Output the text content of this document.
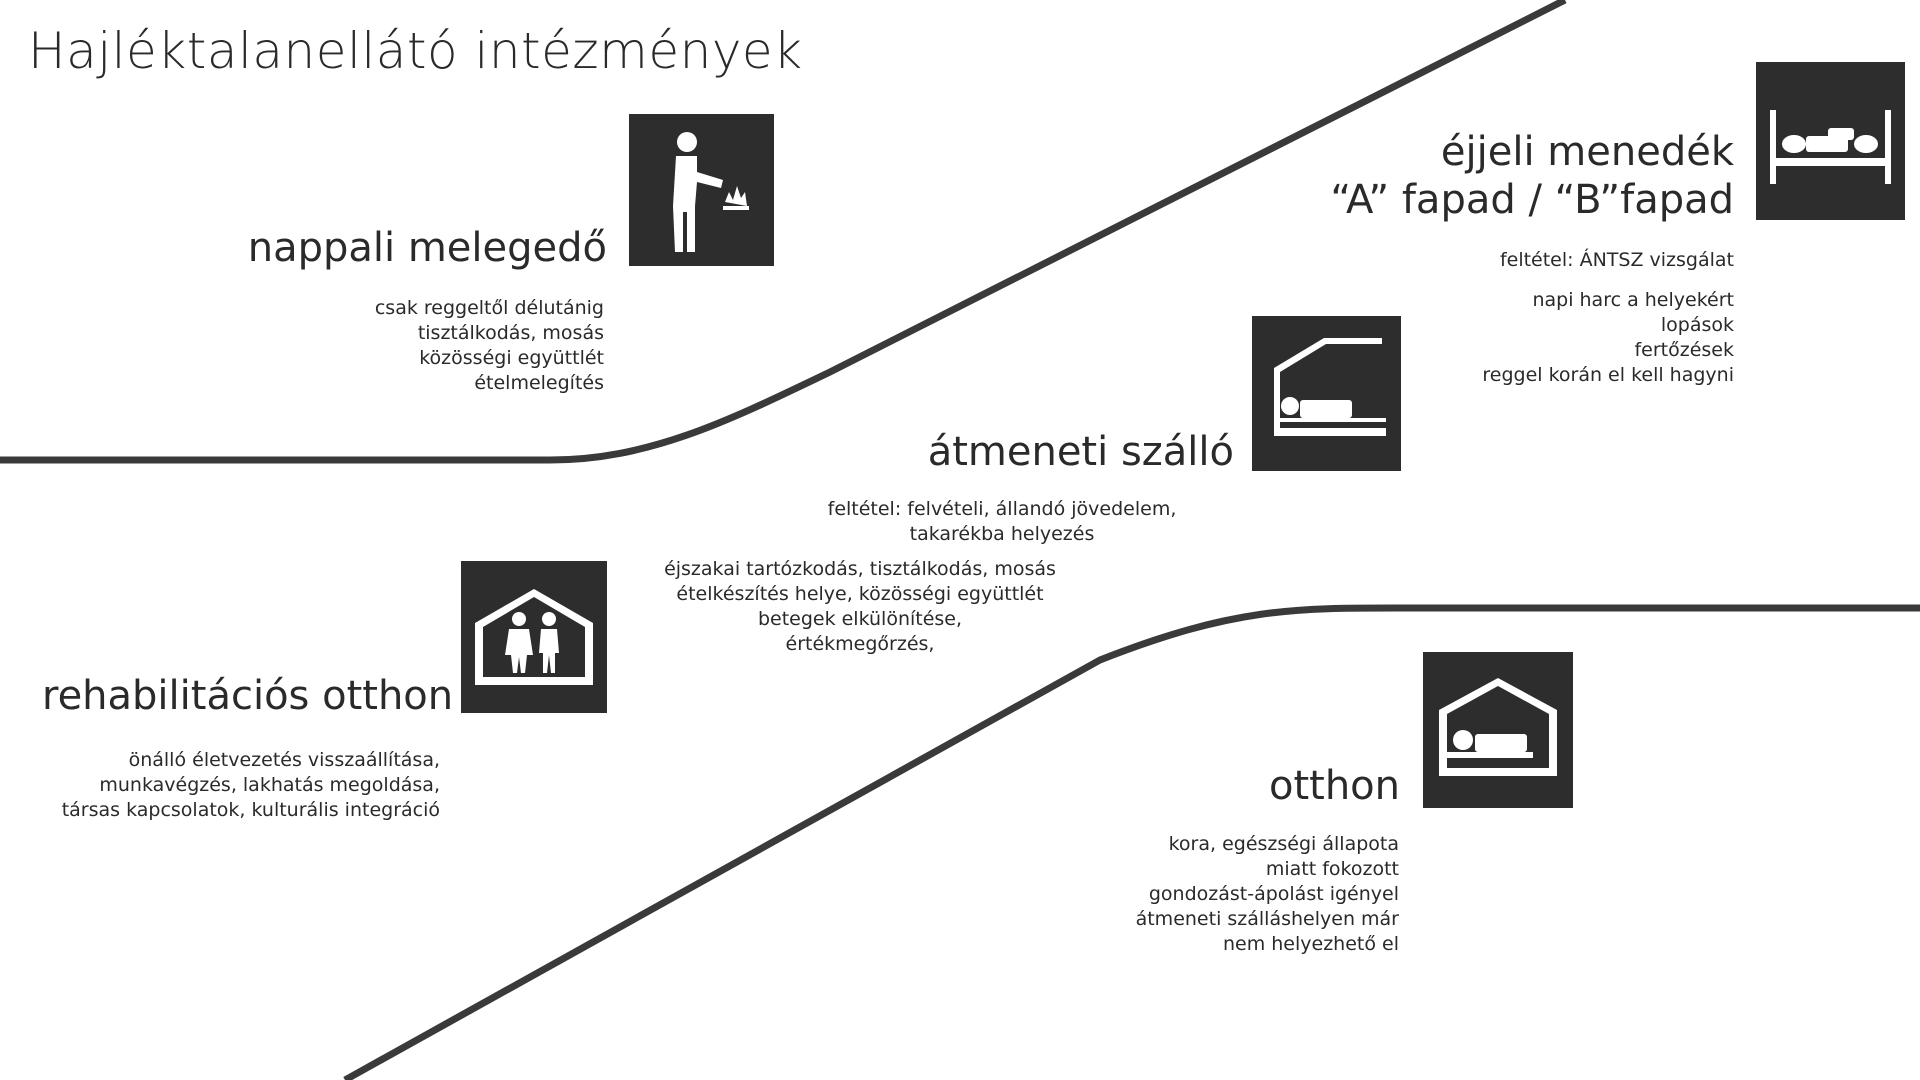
Hajléktalanellátó intézmények
nappali melegedő
csak reggeltől délutánig
tisztálkodás, mosás
közösségi együttlét
ételmelegítés
éjjeli menedék
“A” fapad / “B”fapad
feltétel: ÁNTSZ vizsgálat
napi harc a helyekért
lopások
fertőzések
reggel korán el kell hagyni
átmeneti szálló
feltétel: felvételi, állandó jövedelem,
takarékba helyezés
éjszakai tartózkodás, tisztálkodás, mosás
ételkészítés helye, közösségi együttlét
betegek elkülönítése,
értékmegőrzés,
rehabilitációs otthon
önálló életvezetés visszaállítása,
munkavégzés, lakhatás megoldása,
társas kapcsolatok, kulturális integráció
otthon
kora, egészségi állapota
miatt fokozott
gondozást-ápolást igényel
átmeneti szálláshelyen már
nem helyezhető el
